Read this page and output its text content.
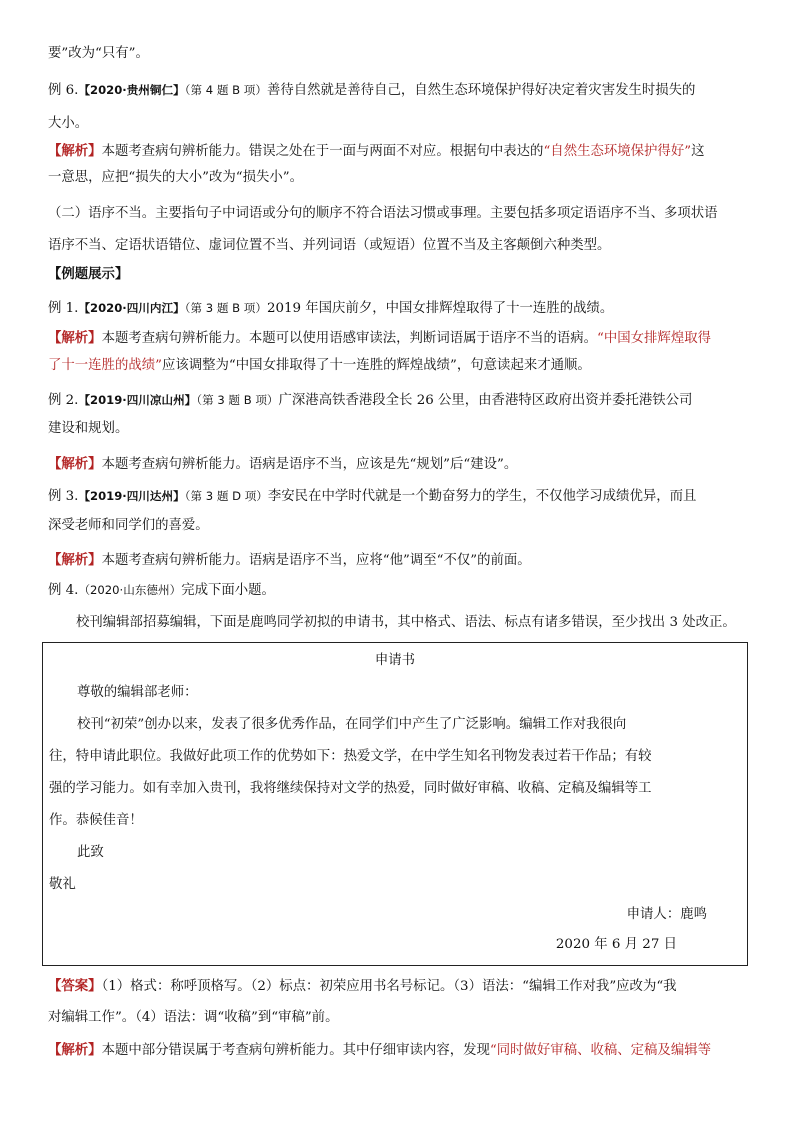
要”改为“只有”。
例 6.【2020·贵州铜仁】（第 4 题 B 项）善待自然就是善待自己，自然生态环境保护得好决定着灾害发生时损失的
大小。
【解析】本题考查病句辨析能力。错误之处在于一面与两面不对应。根据句中表达的“自然生态环境保护得好”这
一意思，应把“损失的大小”改为“损失小”。
（二）语序不当。主要指句子中词语或分句的顺序不符合语法习惯或事理。主要包括多项定语语序不当、多项状语
语序不当、定语状语错位、虚词位置不当、并列词语（或短语）位置不当及主客颠倒六种类型。
【例题展示】
例 1.【2020·四川内江】（第 3 题 B 项）2019 年国庆前夕，中国女排辉煌取得了十一连胜的战绩。
【解析】本题考查病句辨析能力。本题可以使用语感审读法，判断词语属于语序不当的语病。“中国女排辉煌取得
了十一连胜的战绩”应该调整为“中国女排取得了十一连胜的辉煌战绩”，句意读起来才通顺。
例 2.【2019·四川凉山州】（第 3 题 B 项）广深港高铁香港段全长 26 公里，由香港特区政府出资并委托港铁公司
建设和规划。
【解析】本题考查病句辨析能力。语病是语序不当，应该是先“规划”后“建设”。
例 3.【2019·四川达州】（第 3 题 D 项）李安民在中学时代就是一个勤奋努力的学生，不仅他学习成绩优异，而且
深受老师和同学们的喜爱。
【解析】本题考查病句辨析能力。语病是语序不当，应将“他”调至“不仅”的前面。
例 4.（2020·山东德州）完成下面小题。
校刊编辑部招募编辑，下面是鹿鸣同学初拟的申请书，其中格式、语法、标点有诸多错误，至少找出 3 处改正。
申请书
尊敬的编辑部老师：
校刊“初荣”创办以来，发表了很多优秀作品，在同学们中产生了广泛影响。编辑工作对我很向
往，特申请此职位。我做好此项工作的优势如下：热爱文学，在中学生知名刊物发表过若干作品；有较
强的学习能力。如有幸加入贵刊，我将继续保持对文学的热爱，同时做好审稿、收稿、定稿及编辑等工
作。恭候佳音！
此致
敬礼
申请人：鹿鸣
2020 年 6 月 27 日
【答案】（1）格式：称呼顶格写。（2）标点：初荣应用书名号标记。（3）语法：“编辑工作对我”应改为“我
对编辑工作”。（4）语法：调“收稿”到“审稿”前。
【解析】本题中部分错误属于考查病句辨析能力。其中仔细审读内容，发现“同时做好审稿、收稿、定稿及编辑等
